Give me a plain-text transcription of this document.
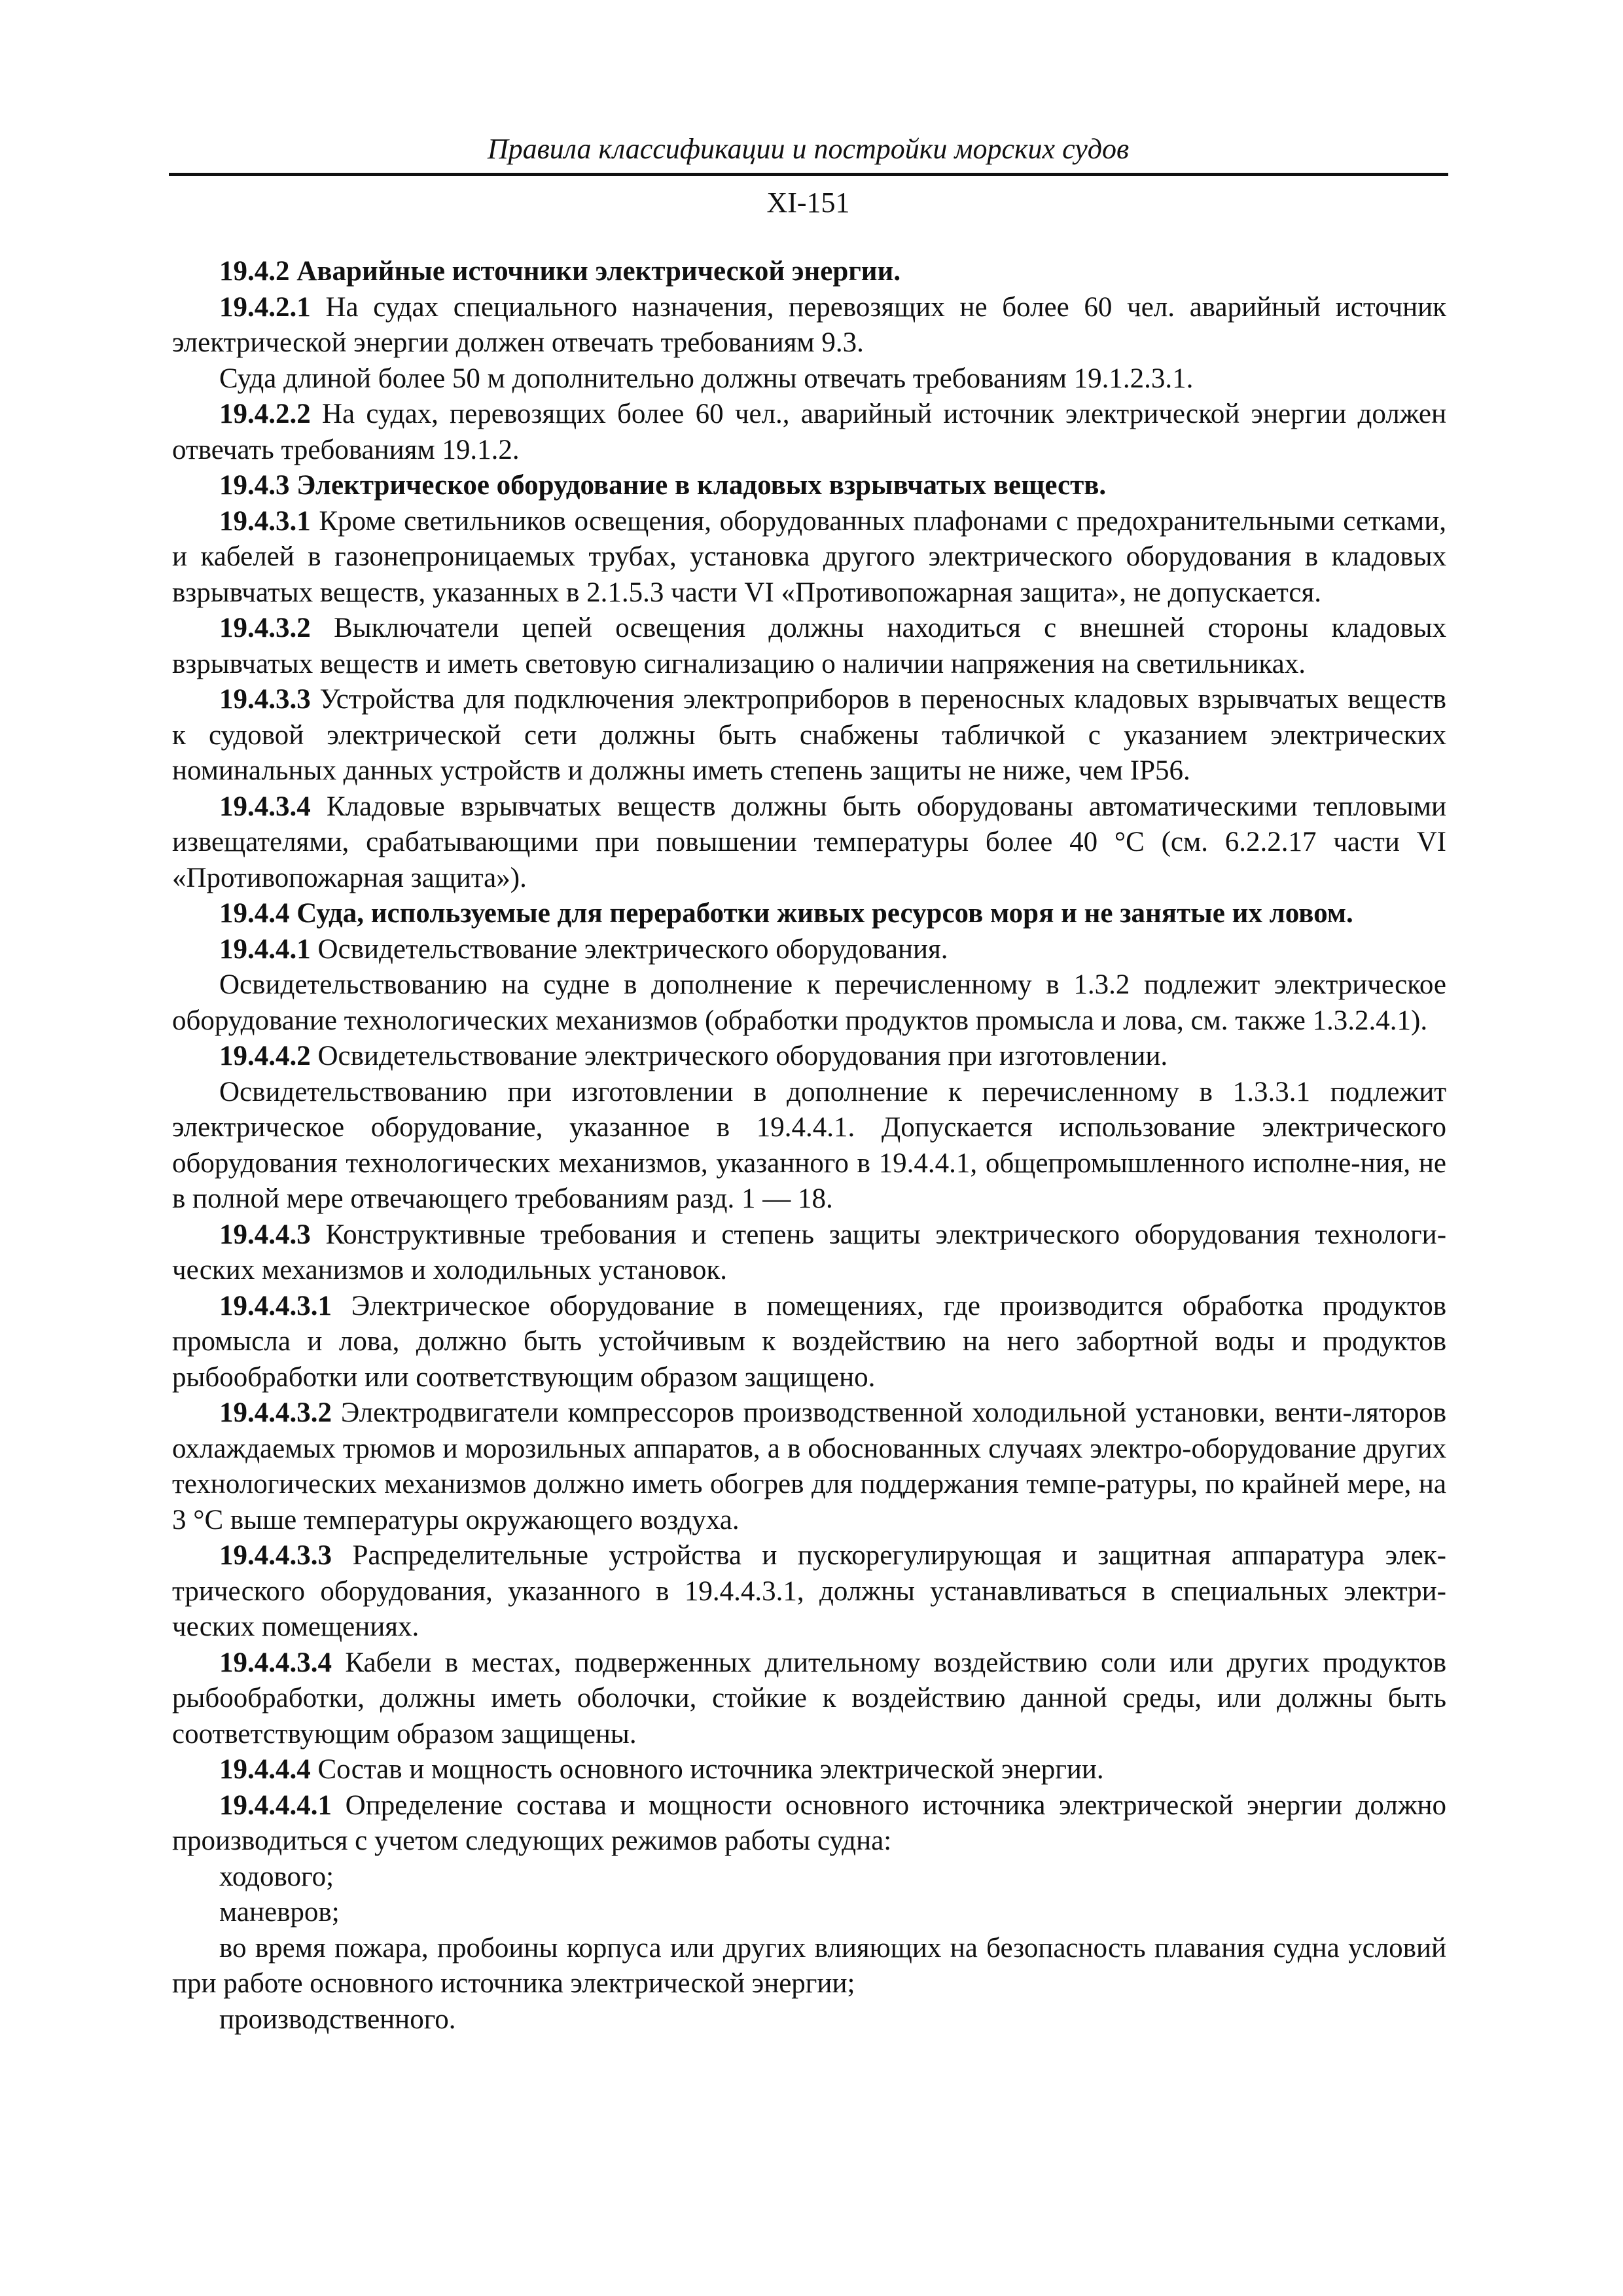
Правила классификации и постройки морских судов
XI-151

19.4.2 Аварийные источники электрической энергии.

19.4.2.1 На судах специального назначения, перевозящих не более 60 чел. аварийный источник электрической энергии должен отвечать требованиям 9.3.

Суда длиной более 50 м дополнительно должны отвечать требованиям 19.1.2.3.1.

19.4.2.2 На судах, перевозящих более 60 чел., аварийный источник электрической энергии должен отвечать требованиям 19.1.2.

19.4.3 Электрическое оборудование в кладовых взрывчатых веществ.

19.4.3.1 Кроме светильников освещения, оборудованных плафонами с предохранительными сетками, и кабелей в газонепроницаемых трубах, установка другого электрического оборудования в кладовых взрывчатых веществ, указанных в 2.1.5.3 части VI «Противопожарная защита», не допускается.

19.4.3.2 Выключатели цепей освещения должны находиться с внешней стороны кладовых взрывчатых веществ и иметь световую сигнализацию о наличии напряжения на светильниках.

19.4.3.3 Устройства для подключения электроприборов в переносных кладовых взрывчатых веществ к судовой электрической сети должны быть снабжены табличкой с указанием электрических номинальных данных устройств и должны иметь степень защиты не ниже, чем IP56.

19.4.3.4 Кладовые взрывчатых веществ должны быть оборудованы автоматическими тепловыми извещателями, срабатывающими при повышении температуры более 40 °С (см. 6.2.2.17 части VI «Противопожарная защита»).

19.4.4 Суда, используемые для переработки живых ресурсов моря и не занятые их ловом.

19.4.4.1 Освидетельствование электрического оборудования.

Освидетельствованию на судне в дополнение к перечисленному в 1.3.2 подлежит электрическое оборудование технологических механизмов (обработки продуктов промысла и лова, см. также 1.3.2.4.1).

19.4.4.2 Освидетельствование электрического оборудования при изготовлении.

Освидетельствованию при изготовлении в дополнение к перечисленному в 1.3.3.1 подлежит электрическое оборудование, указанное в 19.4.4.1. Допускается использование электрического оборудования технологических механизмов, указанного в 19.4.4.1, общепромышленного исполне-ния, не в полной мере отвечающего требованиям разд. 1 — 18.

19.4.4.3 Конструктивные требования и степень защиты электрического оборудования технологи-ческих механизмов и холодильных установок.

19.4.4.3.1 Электрическое оборудование в помещениях, где производится обработка продуктов промысла и лова, должно быть устойчивым к воздействию на него забортной воды и продуктов рыбообработки или соответствующим образом защищено.

19.4.4.3.2 Электродвигатели компрессоров производственной холодильной установки, венти-ляторов охлаждаемых трюмов и морозильных аппаратов, а в обоснованных случаях электро-оборудование других технологических механизмов должно иметь обогрев для поддержания темпе-ратуры, по крайней мере, на 3 °С выше температуры окружающего воздуха.

19.4.4.3.3 Распределительные устройства и пускорегулирующая и защитная аппаратура элек-трического оборудования, указанного в 19.4.4.3.1, должны устанавливаться в специальных электри-ческих помещениях.

19.4.4.3.4 Кабели в местах, подверженных длительному воздействию соли или других продуктов рыбообработки, должны иметь оболочки, стойкие к воздействию данной среды, или должны быть соответствующим образом защищены.

19.4.4.4 Состав и мощность основного источника электрической энергии.

19.4.4.4.1 Определение состава и мощности основного источника электрической энергии должно производиться с учетом следующих режимов работы судна:

ходового;

маневров;

во время пожара, пробоины корпуса или других влияющих на безопасность плавания судна условий при работе основного источника электрической энергии;

производственного.
